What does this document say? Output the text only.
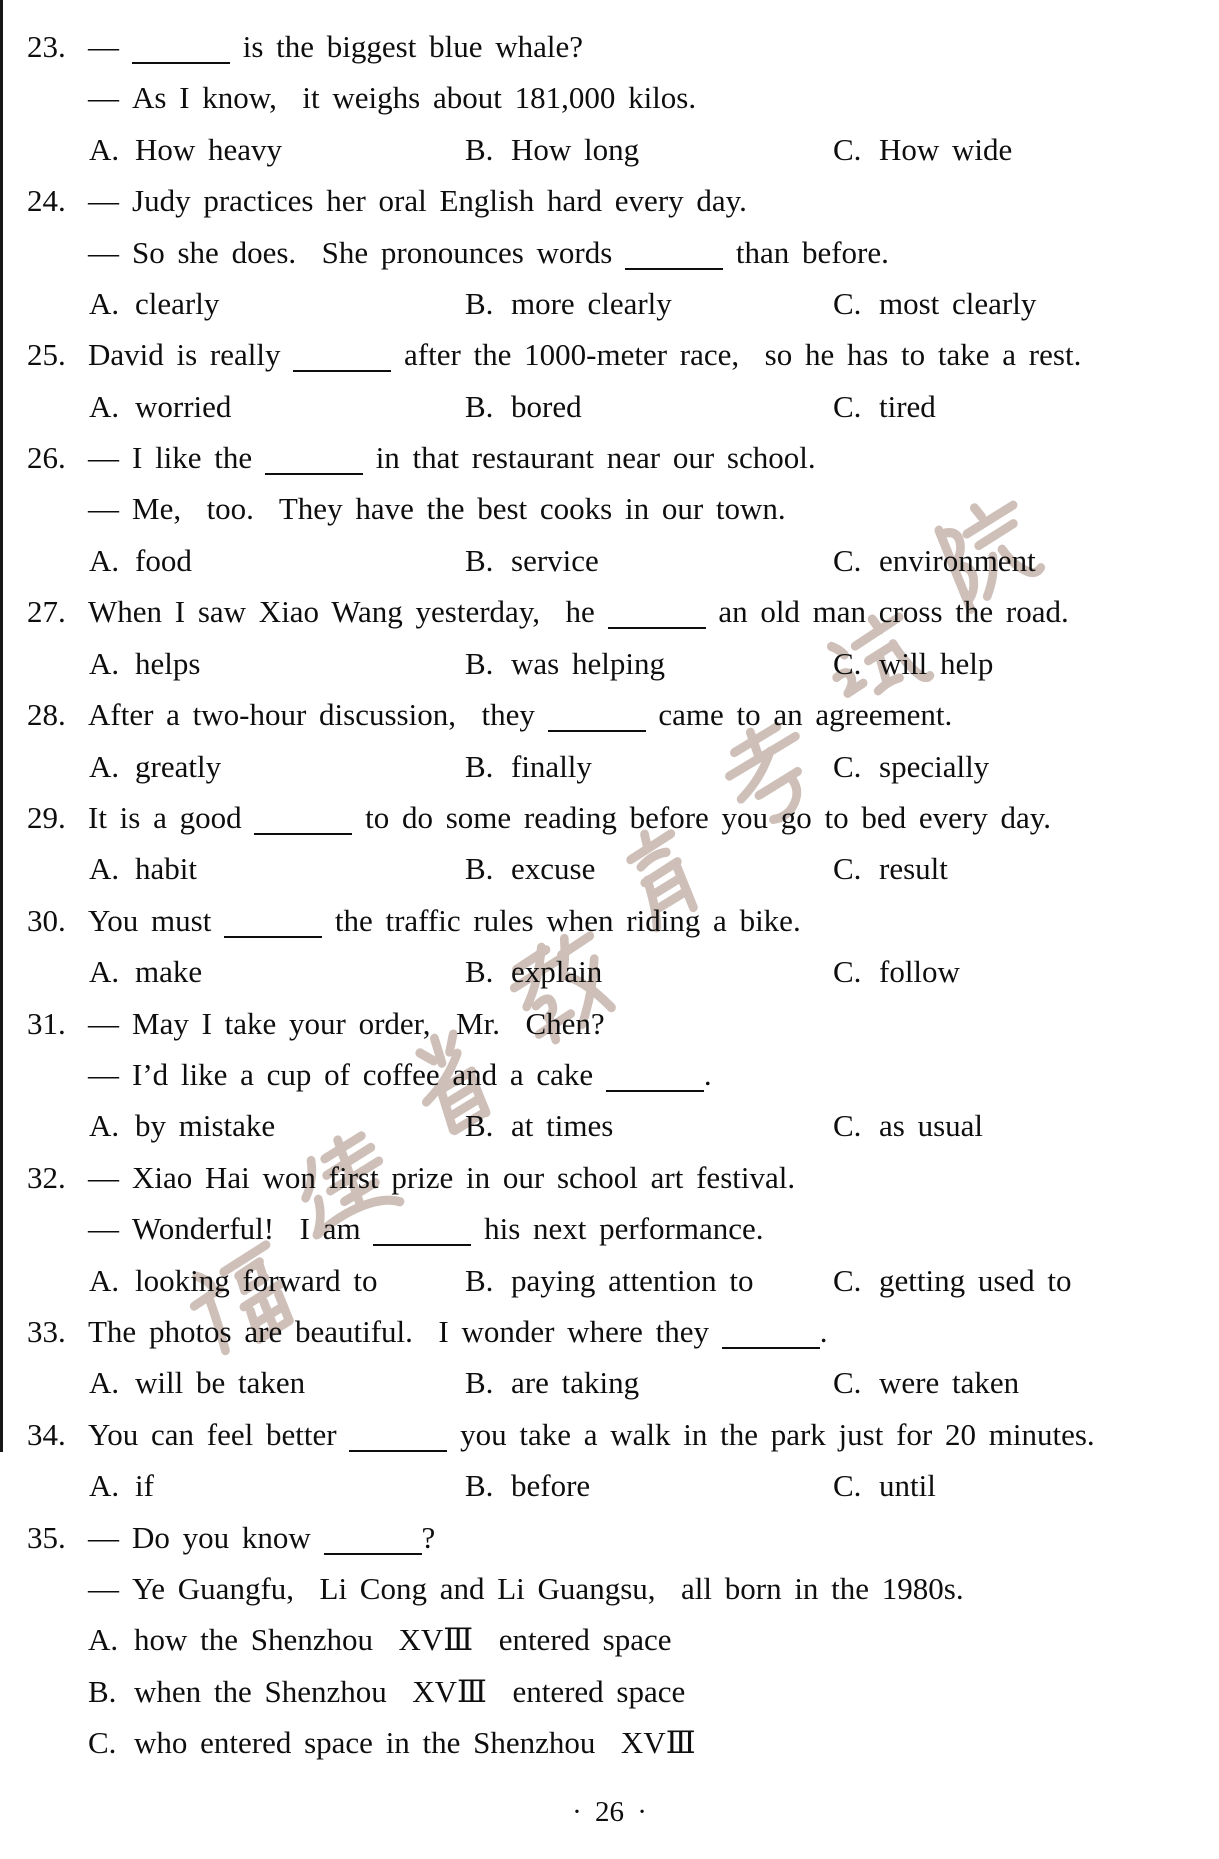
23. —	is the biggest blue whale?
— As I know,  it weighs about 181,000 kilos.
A. How heavy	B. How long	C. How wide
24. — Judy practices her oral English hard every day.
— So she does.  She pronounces words	than before.
A. clearly	B. more clearly	C. most clearly
25. David is really	after the 1000-meter race,  so he has to take a rest.
A. worried	B. bored	C. tired
26. — I like the	in that restaurant near our school.
— Me,  too.  They have the best cooks in our town.
A. food	B. service	C. environment
27. When I saw Xiao Wang yesterday,  he	an old man cross the road.
A. helps	B. was helping	C. will help
28. After a two-hour discussion,  they	came to an agreement.
A. greatly	B. finally	C. specially
29. It is a good	to do some reading before you go to bed every day.
A. habit	B. excuse	C. result
30. You must	the traffic rules when riding a bike.
A. make	B. explain	C. follow
31. — May I take your order,  Mr.  Chen?
— I’d like a cup of coffee and a cake	.
A. by mistake	B. at times	C. as usual
32. — Xiao Hai won first prize in our school art festival.
— Wonderful!  I am	his next performance.
A. looking forward to	B. paying attention to	C. getting used to
33. The photos are beautiful.  I wonder where they	.
A. will be taken	B. are taking	C. were taken
34. You can feel better	you take a walk in the park just for 20 minutes.
A. if	B. before	C. until
35. — Do you know	?
— Ye Guangfu,  Li Cong and Li Guangsu,  all born in the 1980s.
A. how the Shenzhou  XVⅢ  entered space
B. when the Shenzhou  XVⅢ  entered space
C. who entered space in the Shenzhou  XVⅢ
· 26 ·
